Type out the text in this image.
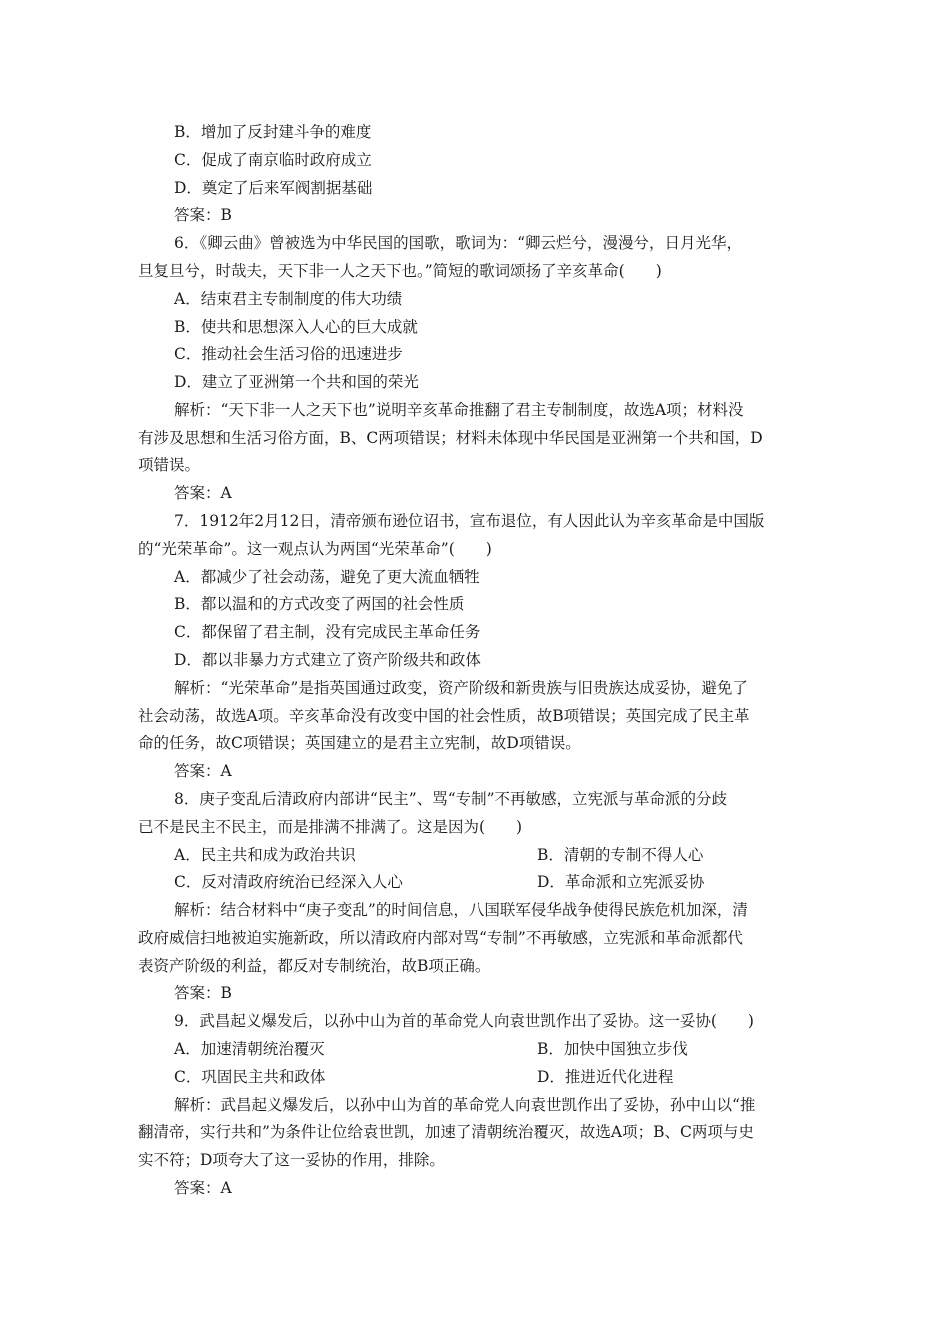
B．增加了反封建斗争的难度
C．促成了南京临时政府成立
D．奠定了后来军阀割据基础
答案：B
6．《卿云曲》曾被选为中华民国的国歌，歌词为：“卿云烂兮，漫漫兮，日月光华，
旦复旦兮，时哉夫，天下非一人之天下也。”简短的歌词颂扬了辛亥革命(　　)
A．结束君主专制制度的伟大功绩
B．使共和思想深入人心的巨大成就
C．推动社会生活习俗的迅速进步
D．建立了亚洲第一个共和国的荣光
解析：“天下非一人之天下也”说明辛亥革命推翻了君主专制制度，故选A项；材料没
有涉及思想和生活习俗方面，B、C两项错误；材料未体现中华民国是亚洲第一个共和国，D
项错误。
答案：A
7．1912年2月12日，清帝颁布逊位诏书，宣布退位，有人因此认为辛亥革命是中国版
的“光荣革命”。这一观点认为两国“光荣革命”(　　)
A．都减少了社会动荡，避免了更大流血牺牲
B．都以温和的方式改变了两国的社会性质
C．都保留了君主制，没有完成民主革命任务
D．都以非暴力方式建立了资产阶级共和政体
解析：“光荣革命”是指英国通过政变，资产阶级和新贵族与旧贵族达成妥协，避免了
社会动荡，故选A项。辛亥革命没有改变中国的社会性质，故B项错误；英国完成了民主革
命的任务，故C项错误；英国建立的是君主立宪制，故D项错误。
答案：A
8．庚子变乱后清政府内部讲“民主”、骂“专制”不再敏感，立宪派与革命派的分歧
已不是民主不民主，而是排满不排满了。这是因为(　　)
A．民主共和成为政治共识	B．清朝的专制不得人心
C．反对清政府统治已经深入人心	D．革命派和立宪派妥协
解析：结合材料中“庚子变乱”的时间信息，八国联军侵华战争使得民族危机加深，清
政府威信扫地被迫实施新政，所以清政府内部对骂“专制”不再敏感，立宪派和革命派都代
表资产阶级的利益，都反对专制统治，故B项正确。
答案：B
9．武昌起义爆发后，以孙中山为首的革命党人向袁世凯作出了妥协。这一妥协(　　)
A．加速清朝统治覆灭	B．加快中国独立步伐
C．巩固民主共和政体	D．推进近代化进程
解析：武昌起义爆发后，以孙中山为首的革命党人向袁世凯作出了妥协，孙中山以“推
翻清帝，实行共和”为条件让位给袁世凯，加速了清朝统治覆灭，故选A项；B、C两项与史
实不符；D项夸大了这一妥协的作用，排除。
答案：A
